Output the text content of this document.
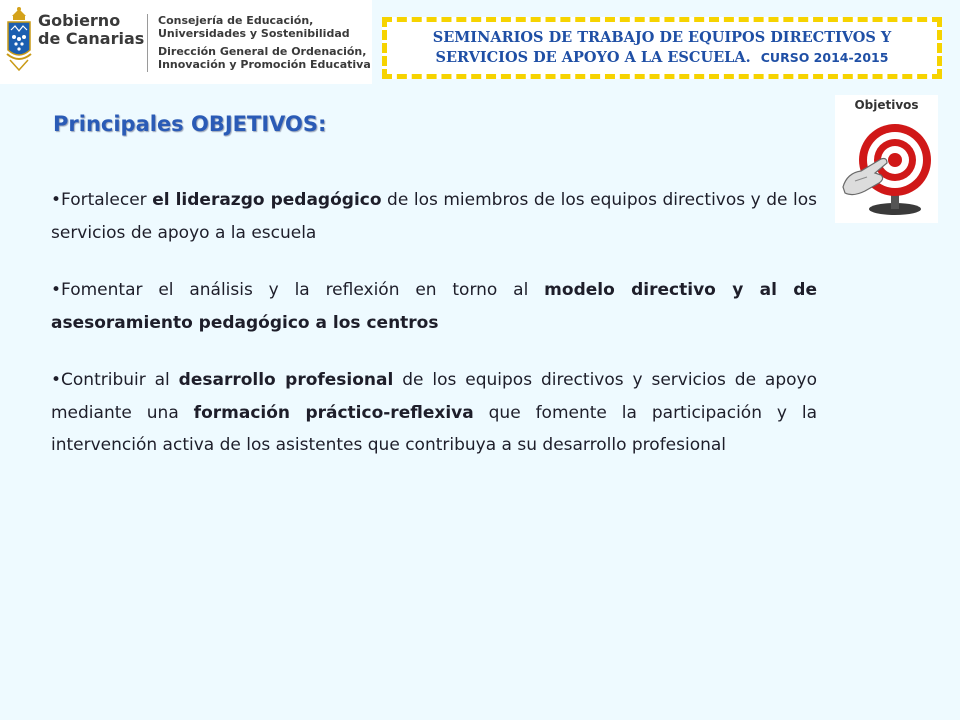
Gobierno
de Canarias
Consejería de Educación,
Universidades y Sostenibilidad
Dirección General de Ordenación,
Innovación y Promoción Educativa
SEMINARIOS DE TRABAJO DE EQUIPOS DIRECTIVOS Y
SERVICIOS DE APOYO A LA ESCUELA. CURSO 2014-2015
Objetivos
Principales OBJETIVOS:

•Fortalecer el liderazgo pedagógico de los miembros de los equipos directivos y de los servicios de apoyo a la escuela

•Fomentar el análisis y la reflexión en torno al modelo directivo y al de asesoramiento pedagógico a los centros

•Contribuir al desarrollo profesional de los equipos directivos y servicios de apoyo mediante una formación práctico-reflexiva que fomente la participación y la intervención activa de los asistentes que contribuya a su desarrollo profesional
